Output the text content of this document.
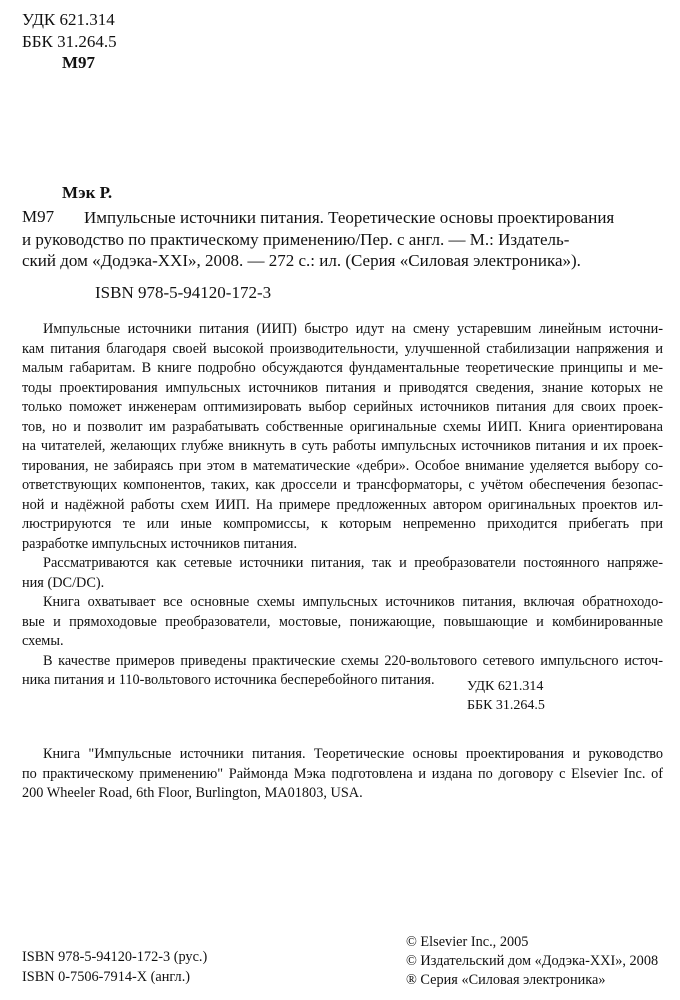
УДК 621.314
ББК 31.264.5
М97
Мэк Р.
М97	Импульсные источники питания. Теоретические основы проектирования
и руководство по практическому применению/Пер. с англ. — М.: Издатель-
ский дом «Додэка-XXI», 2008. — 272 с.: ил. (Серия «Силовая электроника»).
ISBN 978-5-94120-172-3
Импульсные источники питания (ИИП) быстро идут на смену устаревшим линейным источни-
кам питания благодаря своей высокой производительности, улучшенной стабилизации напряжения и
малым габаритам. В книге подробно обсуждаются фундаментальные теоретические принципы и ме-
тоды проектирования импульсных источников питания и приводятся сведения, знание которых не
только поможет инженерам оптимизировать выбор серийных источников питания для своих проек-
тов, но и позволит им разрабатывать собственные оригинальные схемы ИИП. Книга ориентирована
на читателей, желающих глубже вникнуть в суть работы импульсных источников питания и их проек-
тирования, не забираясь при этом в математические «дебри». Особое внимание уделяется выбору со-
ответствующих компонентов, таких, как дроссели и трансформаторы, с учётом обеспечения безопас-
ной и надёжной работы схем ИИП. На примере предложенных автором оригинальных проектов ил-
люстрируются те или иные компромиссы, к которым непременно приходится прибегать при
разработке импульсных источников питания.
Рассматриваются как сетевые источники питания, так и преобразователи постоянного напряже-
ния (DC/DC).
Книга охватывает все основные схемы импульсных источников питания, включая обратноходо-
вые и прямоходовые преобразователи, мостовые, понижающие, повышающие и комбинированные
схемы.
В качестве примеров приведены практические схемы 220-вольтового сетевого импульсного источ-
ника питания и 110-вольтового источника бесперебойного питания.	УДК 621.314
ББК 31.264.5
Книга "Импульсные источники питания. Теоретические основы проектирования и руководство
по практическому применению" Раймонда Мэка подготовлена и издана по договору с Elsevier Inc. of
200 Wheeler Road, 6th Floor, Burlington, MA01803, USA.
ISBN 978-5-94120-172-3 (рус.)
ISBN 0-7506-7914-X (англ.)
© Elsevier Inc., 2005
© Издательский дом «Додэка-XXI», 2008
® Серия «Силовая электроника»
